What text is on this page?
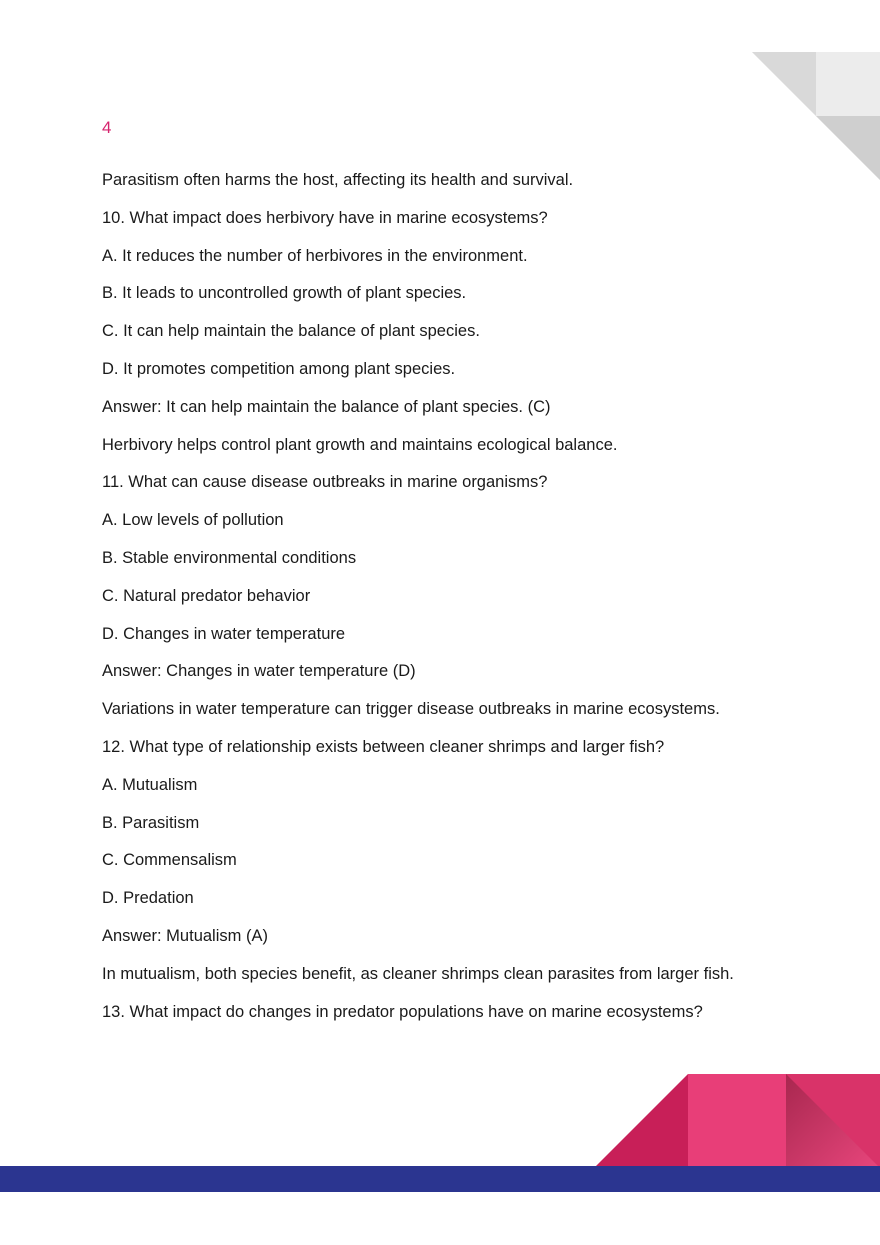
4

Parasitism often harms the host, affecting its health and survival.

10. What impact does herbivory have in marine ecosystems?

A. It reduces the number of herbivores in the environment.

B. It leads to uncontrolled growth of plant species.

C. It can help maintain the balance of plant species.

D. It promotes competition among plant species.

Answer: It can help maintain the balance of plant species. (C)

Herbivory helps control plant growth and maintains ecological balance.

11. What can cause disease outbreaks in marine organisms?

A. Low levels of pollution

B. Stable environmental conditions

C. Natural predator behavior

D. Changes in water temperature

Answer: Changes in water temperature (D)

Variations in water temperature can trigger disease outbreaks in marine ecosystems.

12. What type of relationship exists between cleaner shrimps and larger fish?

A. Mutualism

B. Parasitism

C. Commensalism

D. Predation

Answer: Mutualism (A)

In mutualism, both species benefit, as cleaner shrimps clean parasites from larger fish.

13. What impact do changes in predator populations have on marine ecosystems?
